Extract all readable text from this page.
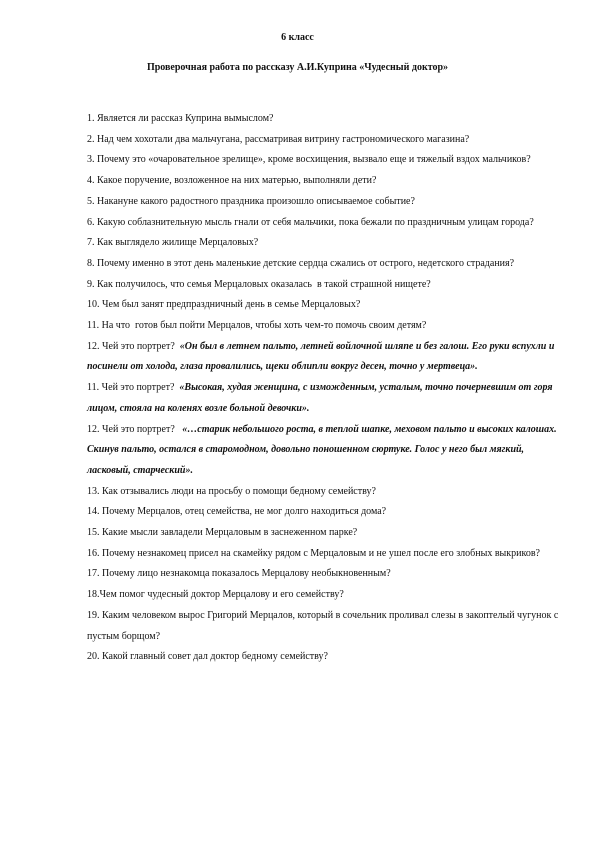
6 класс
Проверочная работа по рассказу А.И.Куприна «Чудесный доктор»

1. Является ли рассказ Куприна вымыслом?

2. Над чем хохотали два мальчугана, рассматривая витрину гастрономического магазина?

3. Почему это «очаровательное зрелище», кроме восхищения, вызвало еще и тяжелый вздох мальчиков?

4. Какое поручение, возложенное на них матерью, выполняли дети?

5. Накануне какого радостного праздника произошло описываемое событие?

6. Какую соблазнительную мысль гнали от себя мальчики, пока бежали по праздничным улицам города?

7. Как выглядело жилище Мерцаловых?

8. Почему именно в этот день маленькие детские сердца сжались от острого, недетского страдания?

9. Как получилось, что семья Мерцаловых оказалась  в такой страшной нищете?

10. Чем был занят предпраздничный день в семье Мерцаловых?

11. На что  готов был пойти Мерцалов, чтобы хоть чем-то помочь своим детям?

12. Чей это портрет?  «Он был в летнем пальто, летней войлочной шляпе и без галош. Его руки вспухли и посинели от холода, глаза провалились, щеки облипли вокруг десен, точно у мертвеца».

11. Чей это портрет?  «Высокая, худая женщина, с изможденным, усталым, точно почерневшим от горя лицом, стояла на коленях возле больной девочки».

12. Чей это портрет?   «…старик небольшого роста, в теплой шапке, меховом пальто и высоких калошах. Скинув пальто, остался в старомодном, довольно поношенном сюртуке. Голос у него был мягкий, ласковый, старческий».

13. Как отзывались люди на просьбу о помощи бедному семейству?

14. Почему Мерцалов, отец семейства, не мог долго находиться дома?

15. Какие мысли завладели Мерцаловым в заснеженном парке?

16. Почему незнакомец присел на скамейку рядом с Мерцаловым и не ушел после его злобных выкриков?

17. Почему лицо незнакомца показалось Мерцалову необыкновенным?

18.Чем помог чудесный доктор Мерцалову и его семейству?

19. Каким человеком вырос Григорий Мерцалов, который в сочельник проливал слезы в закоптелый чугунок с пустым борщом?

20. Какой главный совет дал доктор бедному семейству?
